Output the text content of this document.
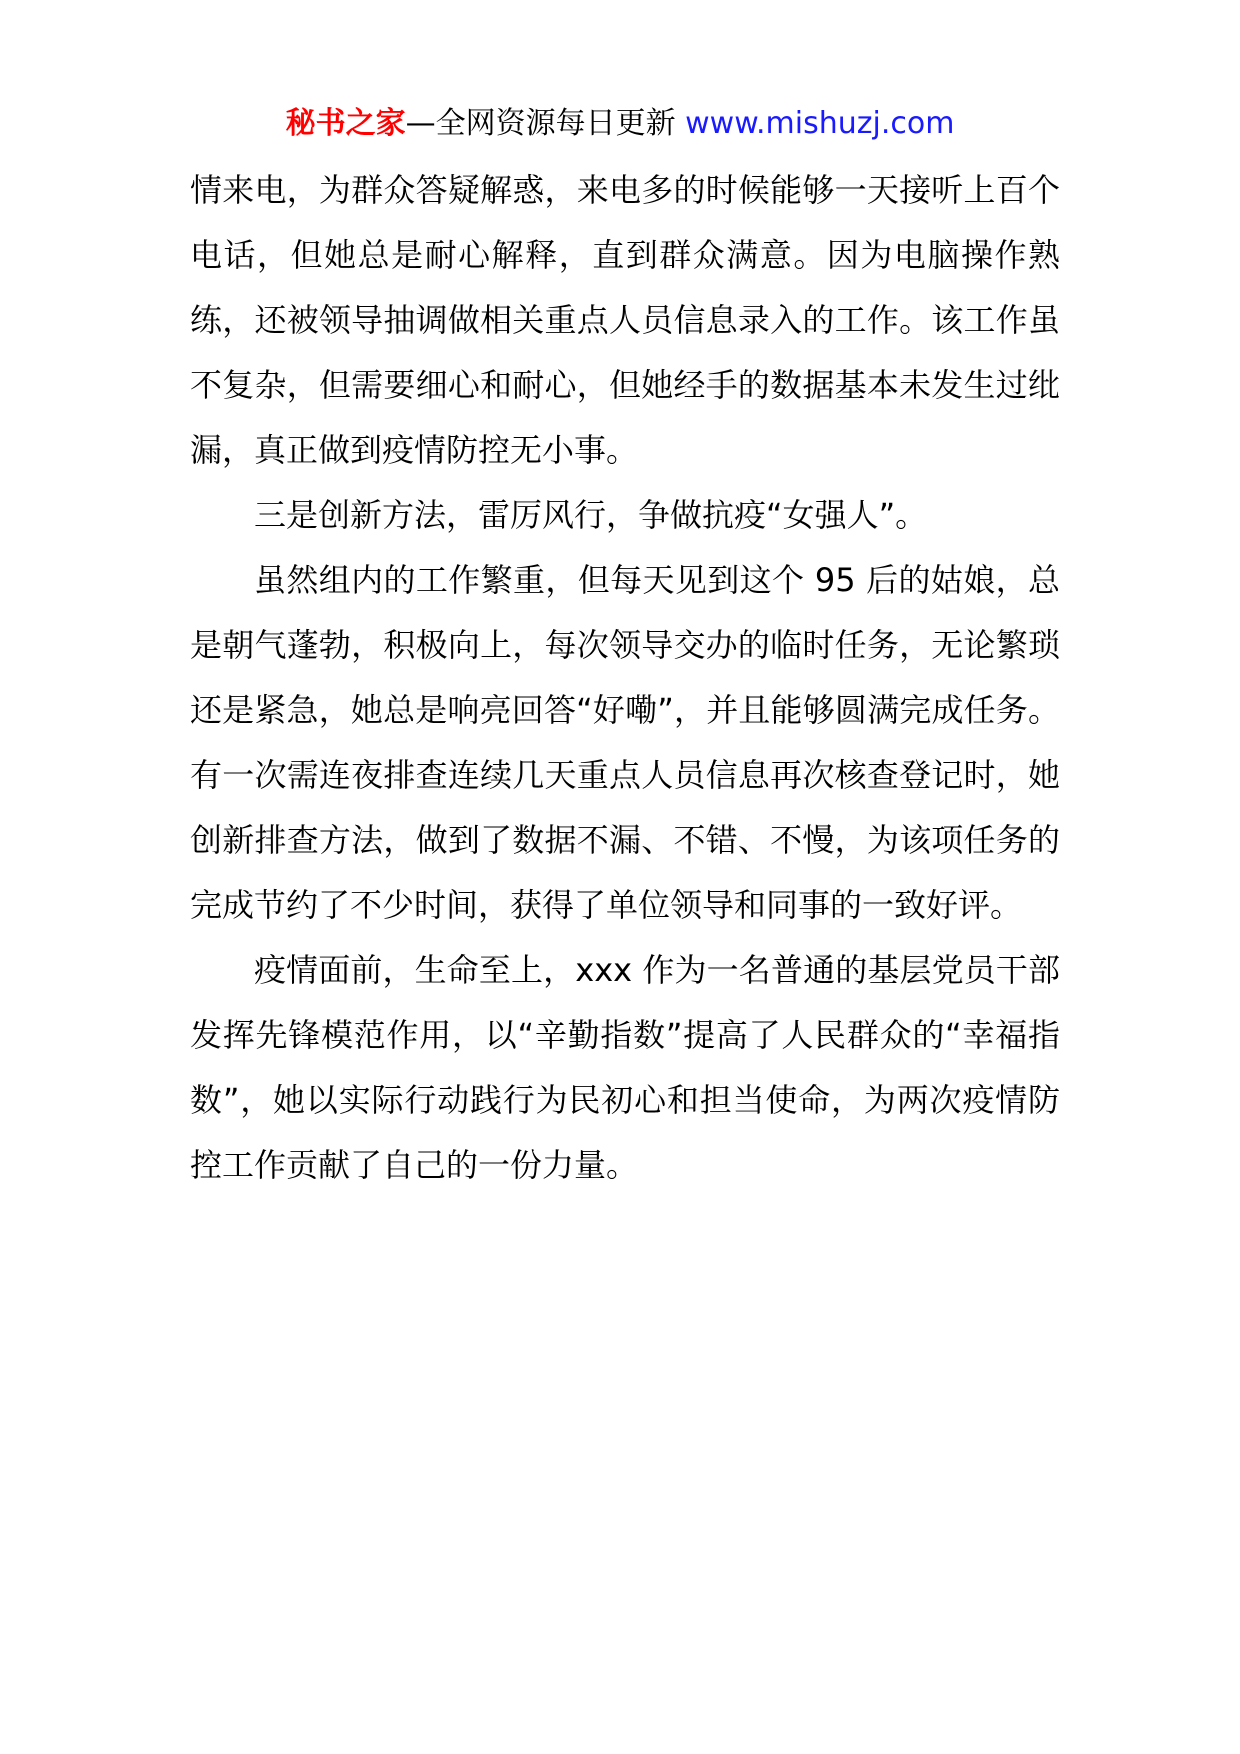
秘书之家—全网资源每日更新 www.mishuzj.com

情来电，为群众答疑解惑，来电多的时候能够一天接听上百个电话，但她总是耐心解释，直到群众满意。因为电脑操作熟练，还被领导抽调做相关重点人员信息录入的工作。该工作虽不复杂，但需要细心和耐心，但她经手的数据基本未发生过纰漏，真正做到疫情防控无小事。

三是创新方法，雷厉风行，争做抗疫“女强人”。

虽然组内的工作繁重，但每天见到这个 95 后的姑娘，总是朝气蓬勃，积极向上，每次领导交办的临时任务，无论繁琐还是紧急，她总是响亮回答“好嘞”，并且能够圆满完成任务。有一次需连夜排查连续几天重点人员信息再次核查登记时，她创新排查方法，做到了数据不漏、不错、不慢，为该项任务的完成节约了不少时间，获得了单位领导和同事的一致好评。

疫情面前，生命至上，xxx 作为一名普通的基层党员干部发挥先锋模范作用，以“辛勤指数”提高了人民群众的“幸福指数”，她以实际行动践行为民初心和担当使命，为两次疫情防控工作贡献了自己的一份力量。
